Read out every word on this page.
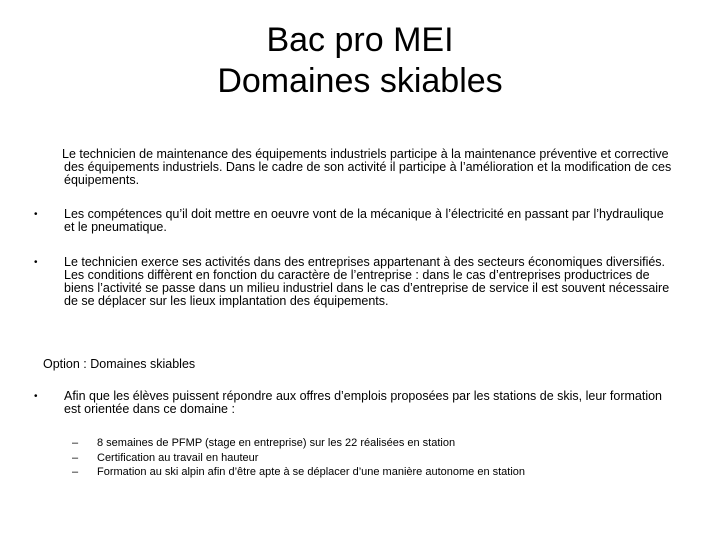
Bac pro MEI
Domaines skiables
Le technicien de maintenance des équipements industriels participe à la maintenance préventive et corrective des équipements industriels. Dans le cadre de son activité il participe à l’amélioration et la modification de ces équipements.
• Les compétences qu’il doit mettre en oeuvre vont de la mécanique à l’électricité en passant par l’hydraulique et le pneumatique.
• Le technicien exerce ses activités dans des entreprises appartenant à des secteurs économiques diversifiés. Les conditions diffèrent en fonction du caractère de l’entreprise : dans le cas d’entreprises productrices de biens l’activité se passe dans un milieu industriel dans le cas d’entreprise de service il est souvent nécessaire de se déplacer sur les lieux implantation des équipements.
Option : Domaines skiables
• Afin que les élèves puissent répondre aux offres d’emplois proposées par les stations de skis, leur formation est orientée dans ce domaine :
– 8 semaines de PFMP (stage en entreprise) sur les 22 réalisées en station
– Certification au travail en hauteur
– Formation au ski alpin afin d’être apte à se déplacer d’une manière autonome en station
